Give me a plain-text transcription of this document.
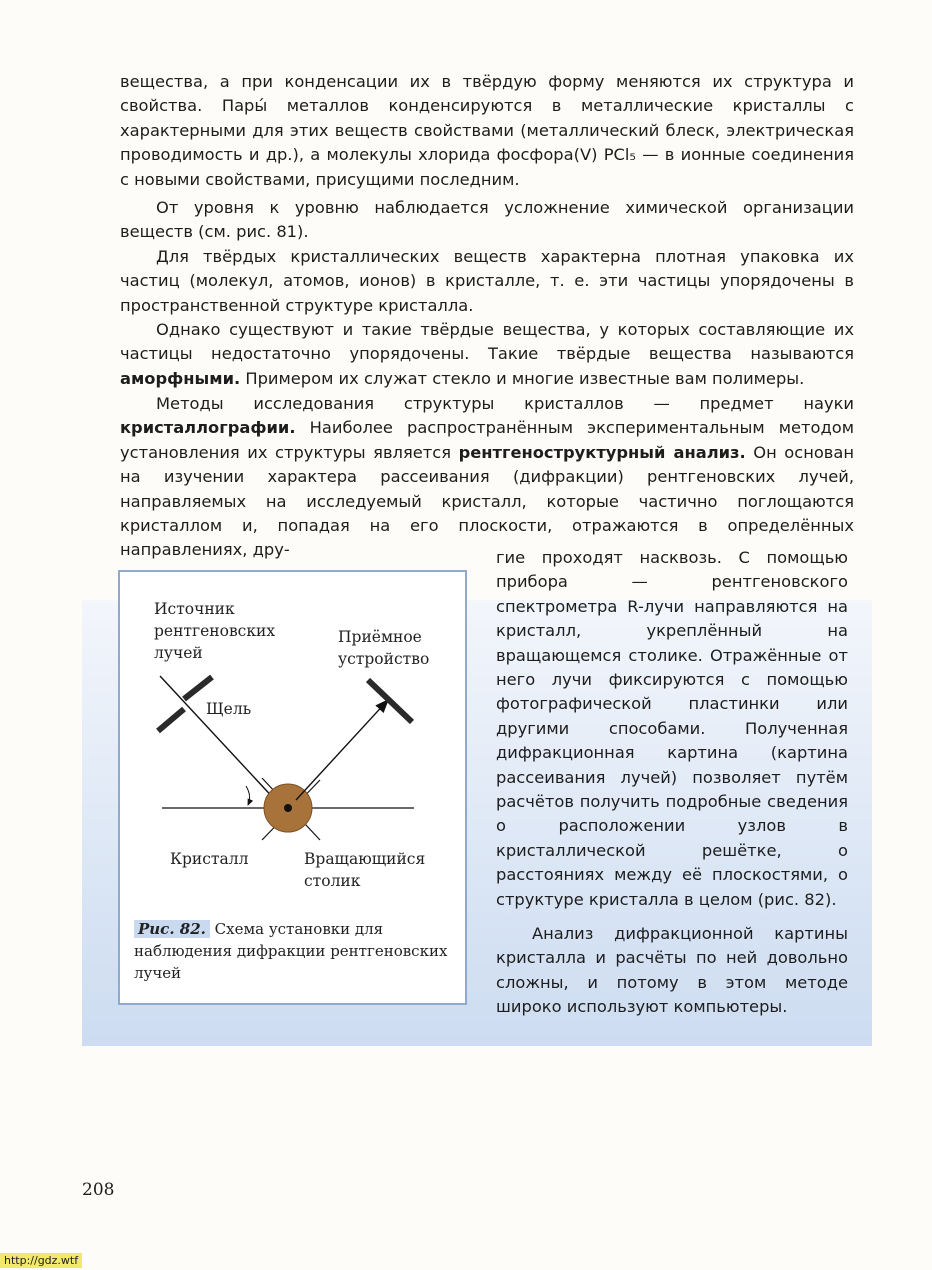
вещества, а при конденсации их в твёрдую форму меняются их структура и свойства. Пары́ металлов конденсируются в металлические кристаллы с характерными для этих веществ свойствами (металлический блеск, электрическая проводимость и др.), а молекулы хлорида фосфора(V) PCl₅ — в ионные соединения с новыми свойствами, присущими последним.

От уровня к уровню наблюдается усложнение химической организации веществ (см. рис. 81).

Для твёрдых кристаллических веществ характерна плотная упаковка их частиц (молекул, атомов, ионов) в кристалле, т. е. эти частицы упорядочены в пространственной структуре кристалла.

Однако существуют и такие твёрдые вещества, у которых составляющие их частицы недостаточно упорядочены. Такие твёрдые вещества называются аморфными. Примером их служат стекло и многие известные вам полимеры.

Методы исследования структуры кристаллов — предмет науки кристаллографии. Наиболее распространённым экспериментальным методом установления их структуры является рентгеноструктурный анализ. Он основан на изучении характера рассеивания (дифракции) рентгеновских лучей, направляемых на исследуемый кристалл, которые частично поглощаются кристаллом и, попадая на его плоскости, отражаются в определённых направлениях, дру-	гие проходят насквозь. С помощью прибора — рентгеновского спектрометра R-лучи направляются на кристалл, укреплённый на вращающемся столике. Отражённые от него лучи фиксируются с помощью фотографической пластинки или другими способами. Полученная дифракционная картина (картина рассеивания лучей) позволяет путём расчётов получить подробные сведения о расположении узлов в кристаллической решётке, о расстояниях между её плоскостями, о структуре кристалла в целом (рис. 82).

Анализ дифракционной картины кристалла и расчёты по ней довольно сложны, и потому в этом методе широко используют компьютеры.

Источник
рентгеновских
лучей
Приёмное
устройство
Щель
Кристалл	Вращающийся
столик
Рис. 82. Схема установки для наблюдения дифракции рентгеновских лучей
208
http://gdz.wtf
